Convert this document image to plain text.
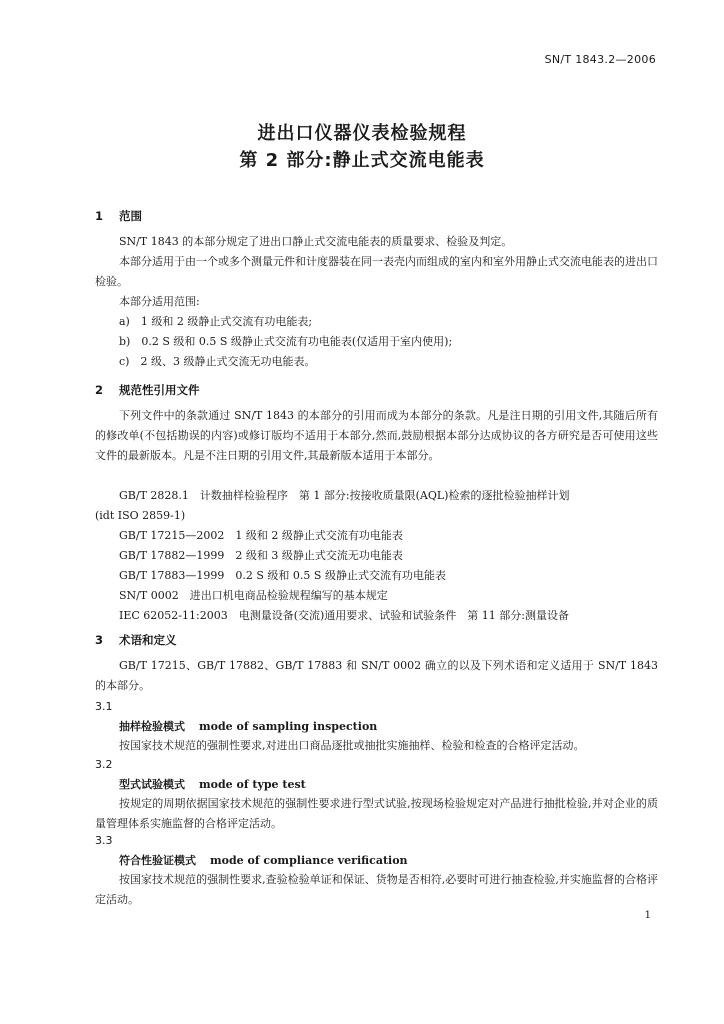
SN/T 1843.2—2006
进出口仪器仪表检验规程
第 2 部分:静止式交流电能表
1 范围

SN/T 1843 的本部分规定了进出口静止式交流电能表的质量要求、检验及判定。

本部分适用于由一个或多个测量元件和计度器装在同一表壳内而组成的室内和室外用静止式交流电能表的进出口检验。

本部分适用范围:

a)　1 级和 2 级静止式交流有功电能表;

b)　0.2 S 级和 0.5 S 级静止式交流有功电能表(仅适用于室内使用);

c)　2 级、3 级静止式交流无功电能表。

2 规范性引用文件

下列文件中的条款通过 SN/T 1843 的本部分的引用而成为本部分的条款。凡是注日期的引用文件,其随后所有的修改单(不包括勘误的内容)或修订版均不适用于本部分,然而,鼓励根据本部分达成协议的各方研究是否可使用这些文件的最新版本。凡是不注日期的引用文件,其最新版本适用于本部分。

GB/T 2828.1　计数抽样检验程序　第 1 部分:按接收质量限(AQL)检索的逐批检验抽样计划

(idt ISO 2859-1)

GB/T 17215—2002　1 级和 2 级静止式交流有功电能表

GB/T 17882—1999　2 级和 3 级静止式交流无功电能表

GB/T 17883—1999　0.2 S 级和 0.5 S 级静止式交流有功电能表

SN/T 0002　进出口机电商品检验规程编写的基本规定

IEC 62052-11:2003　电测量设备(交流)通用要求、试验和试验条件　第 11 部分:测量设备

3 术语和定义

GB/T 17215、GB/T 17882、GB/T 17883 和 SN/T 0002 确立的以及下列术语和定义适用于 SN/T 1843 的本部分。

3.1
抽样检验模式 mode of sampling inspection

按国家技术规范的强制性要求,对进出口商品逐批或抽批实施抽样、检验和检查的合格评定活动。

3.2
型式试验模式 mode of type test

按规定的周期依据国家技术规范的强制性要求进行型式试验,按现场检验规定对产品进行抽批检验,并对企业的质量管理体系实施监督的合格评定活动。

3.3
符合性验证模式 mode of compliance verification

按国家技术规范的强制性要求,查验检验单证和保证、货物是否相符,必要时可进行抽查检验,并实施监督的合格评定活动。

1
